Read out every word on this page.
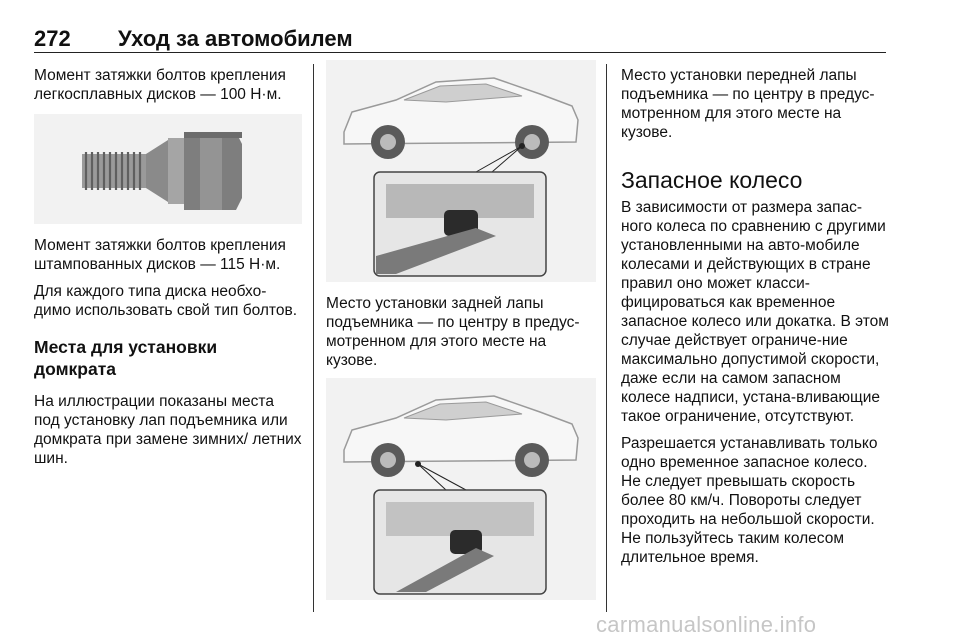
272 Уход за автомобилем

Момент затяжки болтов крепления легкосплавных дисков — 100 Н·м.

Момент затяжки болтов крепления штампованных дисков — 115 Н·м.

Для каждого типа диска необхо-димо использовать свой тип болтов.

Места для установки домкрата

На иллюстрации показаны места под установку лап подъемника или домкрата при замене зимних/ летних шин.

Место установки задней лапы подъемника — по центру в предус-мотренном для этого месте на кузове.

Место установки передней лапы подъемника — по центру в предус-мотренном для этого месте на кузове.

Запасное колесо

В зависимости от размера запас-ного колеса по сравнению с другими установленными на авто-мобиле колесами и действующих в стране правил оно может класси-фицироваться как временное запасное колесо или докатка. В этом случае действует ограниче-ние максимально допустимой скорости, даже если на самом запасном колесе надписи, устана-вливающие такое ограничение, отсутствуют.

Разрешается устанавливать только одно временное запасное колесо. Не следует превышать скорость более 80 км/ч. Повороты следует проходить на небольшой скорости. Не пользуйтесь таким колесом длительное время.

carmanualsonline.info
